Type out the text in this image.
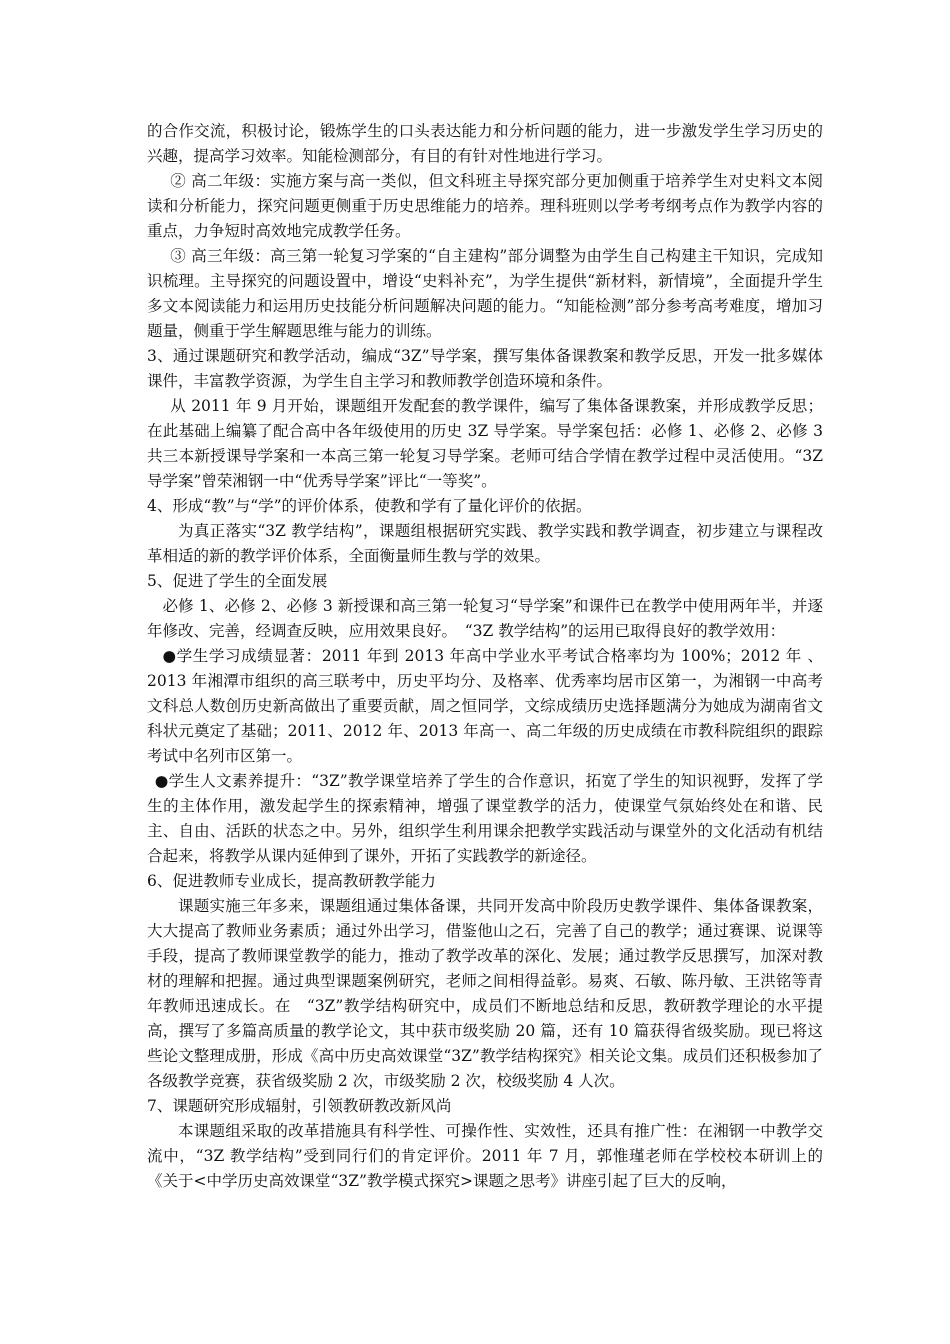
的合作交流，积极讨论，锻炼学生的口头表达能力和分析问题的能力，进一步激发学生学习历史的兴趣，提高学习效率。知能检测部分，有目的有针对性地进行学习。

② 高二年级：实施方案与高一类似，但文科班主导探究部分更加侧重于培养学生对史料文本阅读和分析能力，探究问题更侧重于历史思维能力的培养。理科班则以学考考纲考点作为教学内容的重点，力争短时高效地完成教学任务。

③ 高三年级：高三第一轮复习学案的“自主建构”部分调整为由学生自己构建主干知识，完成知识梳理。主导探究的问题设置中，增设“史料补充”，为学生提供“新材料，新情境”，全面提升学生多文本阅读能力和运用历史技能分析问题解决问题的能力。“知能检测”部分参考高考难度，增加习题量，侧重于学生解题思维与能力的训练。

3、通过课题研究和教学活动，编成“3Z”导学案，撰写集体备课教案和教学反思，开发一批多媒体课件，丰富教学资源，为学生自主学习和教师教学创造环境和条件。

从 2011 年 9 月开始，课题组开发配套的教学课件，编写了集体备课教案，并形成教学反思；在此基础上编纂了配合高中各年级使用的历史 3Z 导学案。导学案包括：必修 1、必修 2、必修 3 共三本新授课导学案和一本高三第一轮复习导学案。老师可结合学情在教学过程中灵活使用。“3Z 导学案”曾荣湘钢一中“优秀导学案”评比“一等奖”。

4、形成“教”与“学”的评价体系，使教和学有了量化评价的依据。

为真正落实“3Z 教学结构”，课题组根据研究实践、教学实践和教学调查，初步建立与课程改革相适的新的教学评价体系，全面衡量师生教与学的效果。

5、促进了学生的全面发展

必修 1、必修 2、必修 3 新授课和高三第一轮复习“导学案”和课件已在教学中使用两年半，并逐年修改、完善，经调查反映，应用效果良好。　“3Z 教学结构”的运用已取得良好的教学效用：

●学生学习成绩显著：2011 年到 2013 年高中学业水平考试合格率均为 100%；2012 年 、2013 年湘潭市组织的高三联考中，历史平均分、及格率、优秀率均居市区第一，为湘钢一中高考文科总人数创历史新高做出了重要贡献，周之恒同学，文综成绩历史选择题满分为她成为湖南省文科状元奠定了基础；2011、2012 年、2013 年高一、高二年级的历史成绩在市教科院组织的跟踪考试中名列市区第一。

●学生人文素养提升：“3Z”教学课堂培养了学生的合作意识，拓宽了学生的知识视野，发挥了学生的主体作用，激发起学生的探索精神，增强了课堂教学的活力，使课堂气氛始终处在和谐、民主、自由、活跃的状态之中。另外，组织学生利用课余把教学实践活动与课堂外的文化活动有机结合起来，将教学从课内延伸到了课外，开拓了实践教学的新途径。

6、促进教师专业成长，提高教研教学能力

课题实施三年多来，课题组通过集体备课，共同开发高中阶段历史教学课件、集体备课教案，大大提高了教师业务素质；通过外出学习，借鉴他山之石，完善了自己的教学；通过赛课、说课等手段，提高了教师课堂教学的能力，推动了教学改革的深化、发展；通过教学反思撰写，加深对教材的理解和把握。通过典型课题案例研究，老师之间相得益彰。易爽、石敏、陈丹敏、王洪铭等青年教师迅速成长。在　“3Z”教学结构研究中，成员们不断地总结和反思，教研教学理论的水平提高，撰写了多篇高质量的教学论文，其中获市级奖励 20 篇，还有 10 篇获得省级奖励。现已将这些论文整理成册，形成《高中历史高效课堂“3Z”教学结构探究》相关论文集。成员们还积极参加了各级教学竞赛，获省级奖励 2 次，市级奖励 2 次，校级奖励 4 人次。

7、课题研究形成辐射，引领教研教改新风尚

本课题组采取的改革措施具有科学性、可操作性、实效性，还具有推广性：在湘钢一中教学交流中，“3Z 教学结构”受到同行们的肯定评价。2011 年 7 月，郭惟瑾老师在学校校本研训上的《关于<中学历史高效课堂“3Z”教学模式探究>课题之思考》讲座引起了巨大的反响，
